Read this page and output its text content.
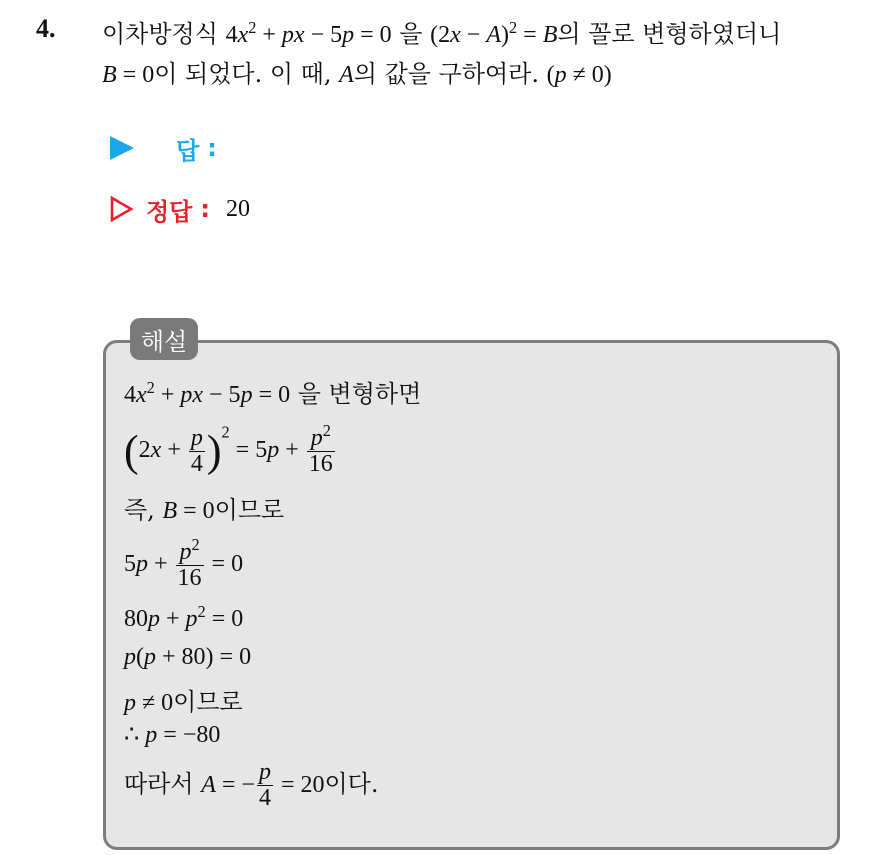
4. 이차방정식 $4x^2$ + px − 5p = 0 을 $(2x - A)^2 = B$의 꼴로 변형하였더니
B = 0이 되었다. 이 때, A의 값을 구하여라. (p ≠ 0)
답 :
정답 : 20
해설
$4x^2$ + px − 5p = 0 을 변형하면
$(2x + \frac{p}{4} )^2 = 5p + \frac{p^2}{16}$
즉, B = 0이므로
$5p + \frac{p^2}{16} = 0$
$80p + p^2 = 0$
p(p + 80) = 0
p ≠ 0이므로
∴ p = −80
따라서 A = − $\frac{p}{4} = 20$이다.
